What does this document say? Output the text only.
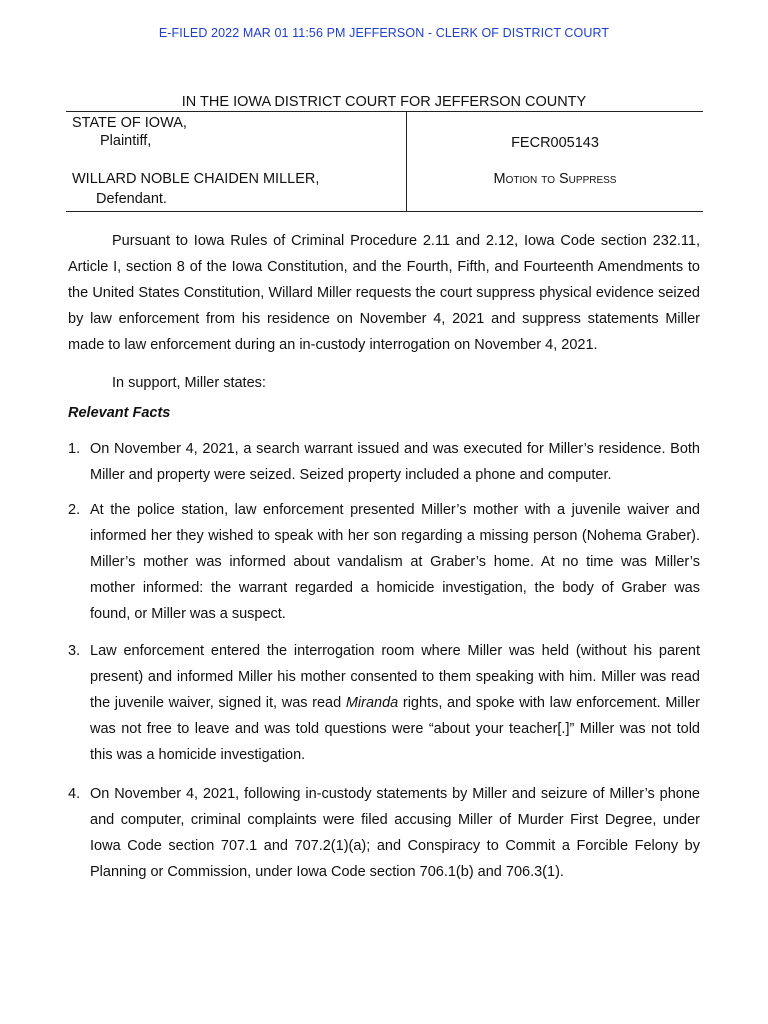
E-FILED 2022 MAR 01 11:56 PM JEFFERSON - CLERK OF DISTRICT COURT
IN THE IOWA DISTRICT COURT FOR JEFFERSON COUNTY
STATE OF IOWA,
Plaintiff,
WILLARD NOBLE CHAIDEN MILLER,
Defendant.
FECR005143
Motion to Suppress

Pursuant to Iowa Rules of Criminal Procedure 2.11 and 2.12, Iowa Code section 232.11, Article I, section 8 of the Iowa Constitution, and the Fourth, Fifth, and Fourteenth Amendments to the United States Constitution, Willard Miller requests the court suppress physical evidence seized by law enforcement from his residence on November 4, 2021 and suppress statements Miller made to law enforcement during an in-custody interrogation on November 4, 2021.

In support, Miller states:

Relevant Facts
1. On November 4, 2021, a search warrant issued and was executed for Miller’s residence. Both Miller and property were seized. Seized property included a phone and computer.
2. At the police station, law enforcement presented Miller’s mother with a juvenile waiver and informed her they wished to speak with her son regarding a missing person (Nohema Graber). Miller’s mother was informed about vandalism at Graber’s home. At no time was Miller’s mother informed: the warrant regarded a homicide investigation, the body of Graber was found, or Miller was a suspect.
3. Law enforcement entered the interrogation room where Miller was held (without his parent present) and informed Miller his mother consented to them speaking with him. Miller was read the juvenile waiver, signed it, was read Miranda rights, and spoke with law enforcement. Miller was not free to leave and was told questions were “about your teacher[.]” Miller was not told this was a homicide investigation.
4. On November 4, 2021, following in-custody statements by Miller and seizure of Miller’s phone and computer, criminal complaints were filed accusing Miller of Murder First Degree, under Iowa Code section 707.1 and 707.2(1)(a); and Conspiracy to Commit a Forcible Felony by Planning or Commission, under Iowa Code section 706.1(b) and 706.3(1).
